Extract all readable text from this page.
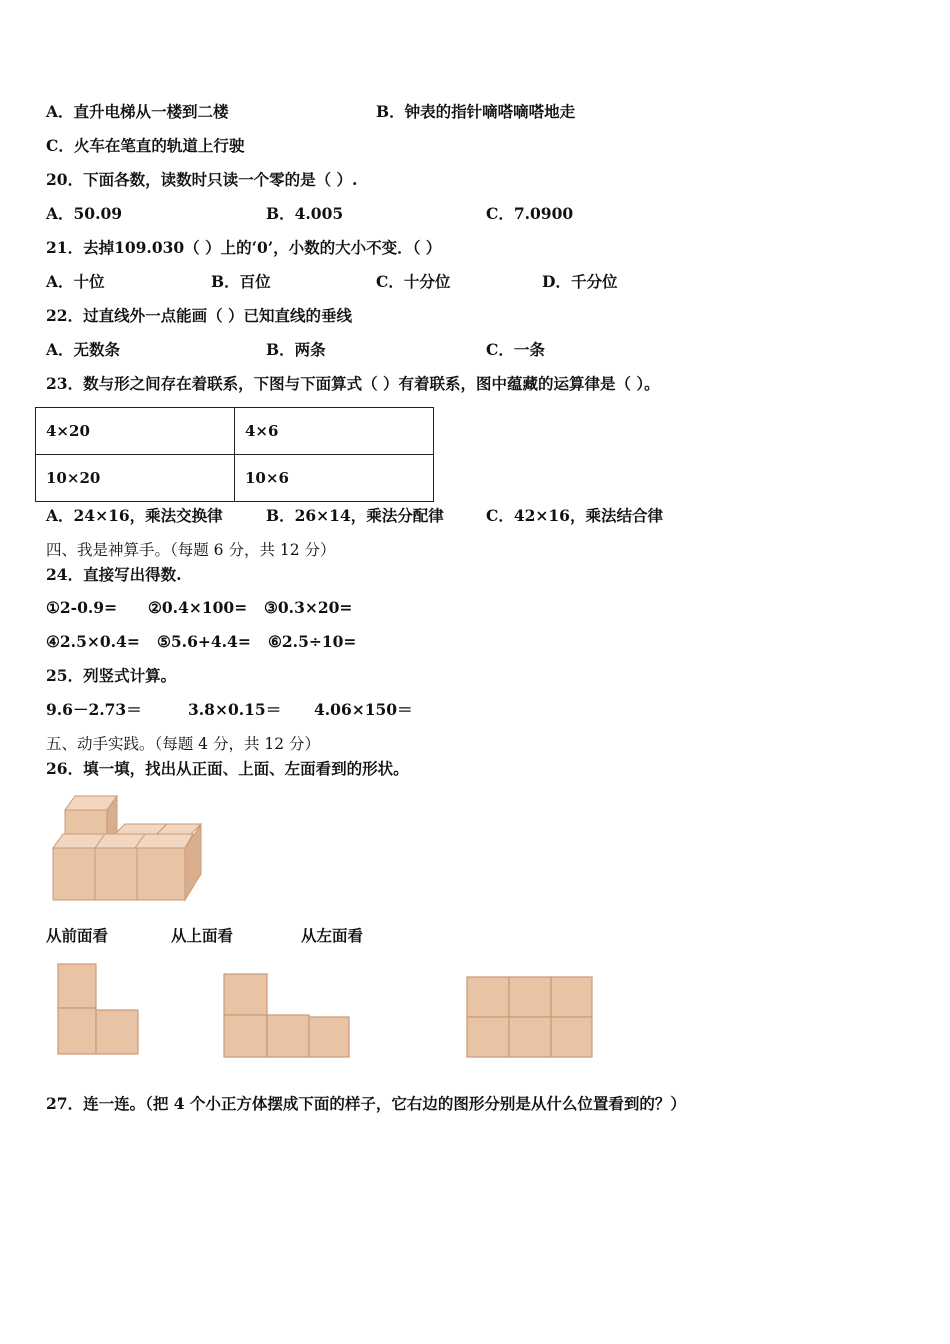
A．直升电梯从一楼到二楼	B．钟表的指针嘀嗒嘀嗒地走
C．火车在笔直的轨道上行驶
20．下面各数，读数时只读一个零的是（ ）.
A．50.09	B．4.005	C．7.0900
21．去掉109.030（ ）上的‘0’，小数的大小不变．（ ）
A．十位	B．百位	C．十分位	D．千分位
22．过直线外一点能画（ ）已知直线的垂线
A．无数条	B．两条	C．一条
23．数与形之间存在着联系，下图与下面算式（ ）有着联系，图中蕴藏的运算律是（ ）。
4×20	4×6
10×20	10×6
A．24×16，乘法交换律	B．26×14，乘法分配律	C．42×16，乘法结合律
四、我是神算手。（每题 6 分，共 12 分）
24．直接写出得数.
①2-0.9= ②0.4×100= ③0.3×20=
④2.5×0.4= ⑤5.6+4.4= ⑥2.5÷10=
25．列竖式计算。
9.6－2.73＝	3.8×0.15＝ 4.06×150＝
五、动手实践。（每题 4 分，共 12 分）
26．填一填，找出从正面、上面、左面看到的形状。
从前面看	从上面看	从左面看
27．连一连。（把 4 个小正方体摆成下面的样子，它右边的图形分别是从什么位置看到的？）
